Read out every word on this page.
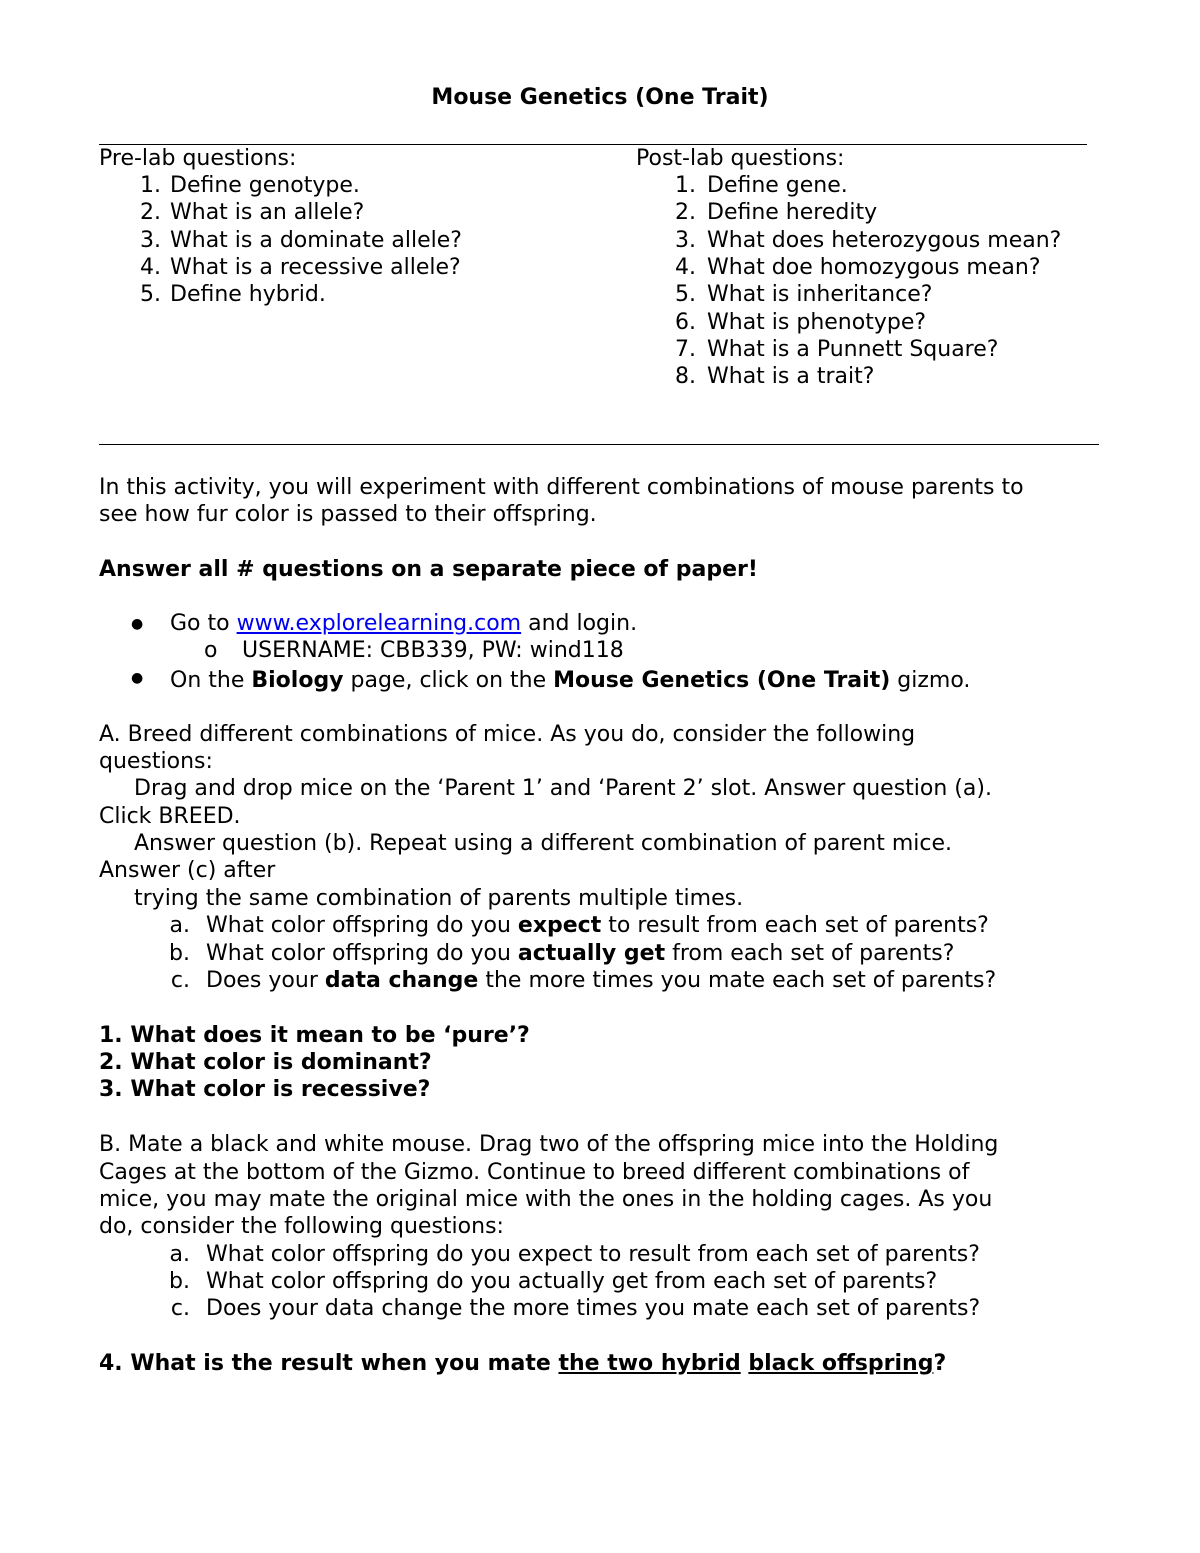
Mouse Genetics (One Trait)
Pre-lab questions:
1. Define genotype.
2. What is an allele?
3. What is a dominate allele?
4. What is a recessive allele?
5. Define hybrid.
Post-lab questions:
1. Define gene.
2. Define heredity
3. What does heterozygous mean?
4. What doe homozygous mean?
5. What is inheritance?
6. What is phenotype?
7. What is a Punnett Square?
8. What is a trait?
In this activity, you will experiment with different combinations of mouse parents to
see how fur color is passed to their offspring.
Answer all # questions on a separate piece of paper!
● Go to www.explorelearning.com and login.
o USERNAME: CBB339, PW: wind118
● On the Biology page, click on the Mouse Genetics (One Trait) gizmo.
A. Breed different combinations of mice. As you do, consider the following
questions:
Drag and drop mice on the ‘Parent 1’ and ‘Parent 2’ slot. Answer question (a).
Click BREED.
Answer question (b). Repeat using a different combination of parent mice.
Answer (c) after
trying the same combination of parents multiple times.
a. What color offspring do you expect to result from each set of parents?
b. What color offspring do you actually get from each set of parents?
c. Does your data change the more times you mate each set of parents?
1. What does it mean to be ‘pure’?
2. What color is dominant?
3. What color is recessive?
B. Mate a black and white mouse. Drag two of the offspring mice into the Holding
Cages at the bottom of the Gizmo. Continue to breed different combinations of
mice, you may mate the original mice with the ones in the holding cages. As you
do, consider the following questions:
a. What color offspring do you expect to result from each set of parents?
b. What color offspring do you actually get from each set of parents?
c. Does your data change the more times you mate each set of parents?
4. What is the result when you mate the two hybrid black offspring?
